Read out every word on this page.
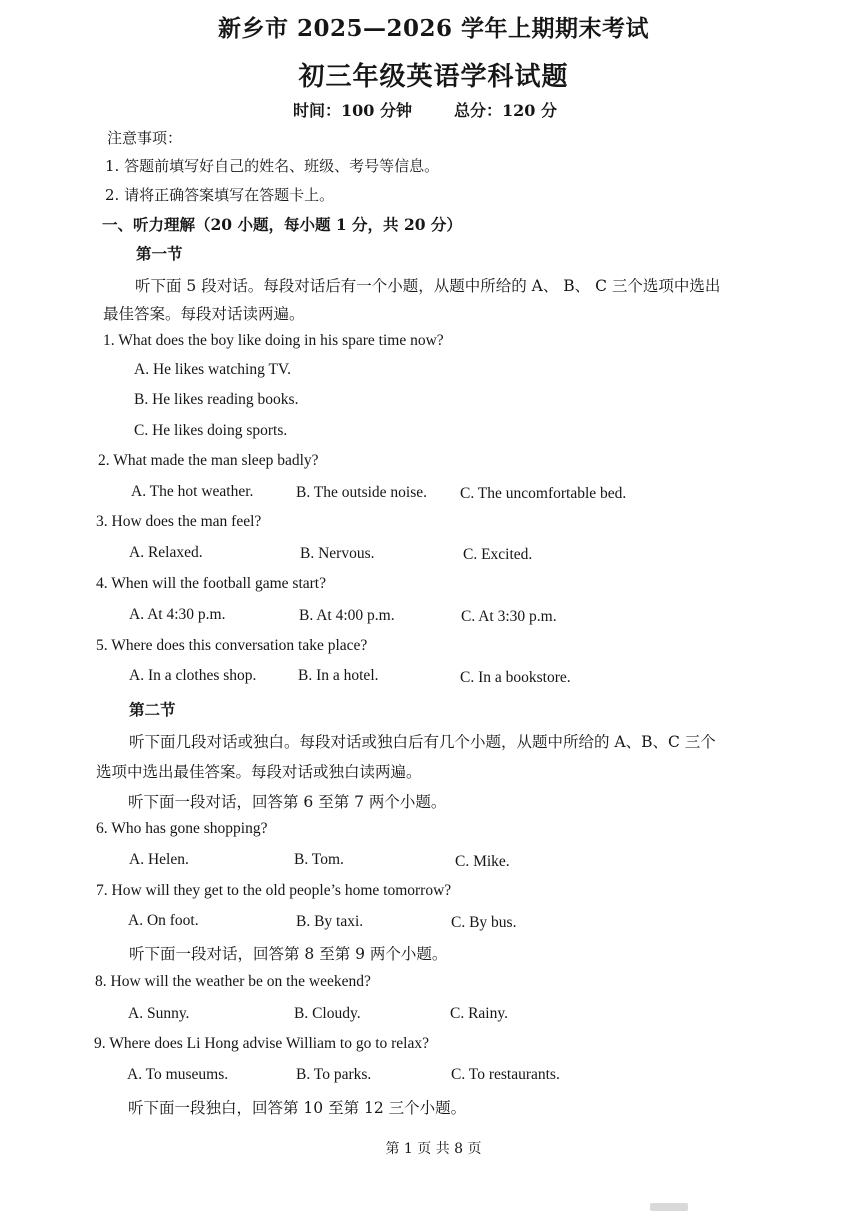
新乡市 2025—2026 学年上期期末考试
初三年级英语学科试题
时间：100 分钟	总分：120 分
注意事项：
1. 答题前填写好自己的姓名、班级、考号等信息。
2. 请将正确答案填写在答题卡上。
一、听力理解（20 小题，每小题 1 分，共 20 分）
第一节
听下面 5 段对话。每段对话后有一个小题，从题中所给的 A、 B、 C 三个选项中选出
最佳答案。每段对话读两遍。
1. What does the boy like doing in his spare time now?
A. He likes watching TV.
B. He likes reading books.
C. He likes doing sports.
2. What made the man sleep badly?
A. The hot weather.	B. The outside noise. C. The uncomfortable bed.
3. How does the man feel?
A. Relaxed.	B. Nervous.	C. Excited.
4. When will the football game start?
A. At 4:30 p.m.	B. At 4:00 p.m.	C. At 3:30 p.m.
5. Where does this conversation take place?
A. In a clothes shop.	B. In a hotel.	C. In a bookstore.
第二节
听下面几段对话或独白。每段对话或独白后有几个小题，从题中所给的 A、B、C 三个
选项中选出最佳答案。每段对话或独白读两遍。
听下面一段对话，回答第 6 至第 7 两个小题。
6. Who has gone shopping?
A. Helen.	B. Tom.	C. Mike.
7. How will they get to the old people’s home tomorrow?
A. On foot.	B. By taxi.	C. By bus.
听下面一段对话，回答第 8 至第 9 两个小题。
8. How will the weather be on the weekend?
A. Sunny.	B. Cloudy.	C. Rainy.
9. Where does Li Hong advise William to go to relax?
A. To museums.	B. To parks.	C. To restaurants.
听下面一段独白，回答第 10 至第 12 三个小题。
第 1 页 共 8 页
